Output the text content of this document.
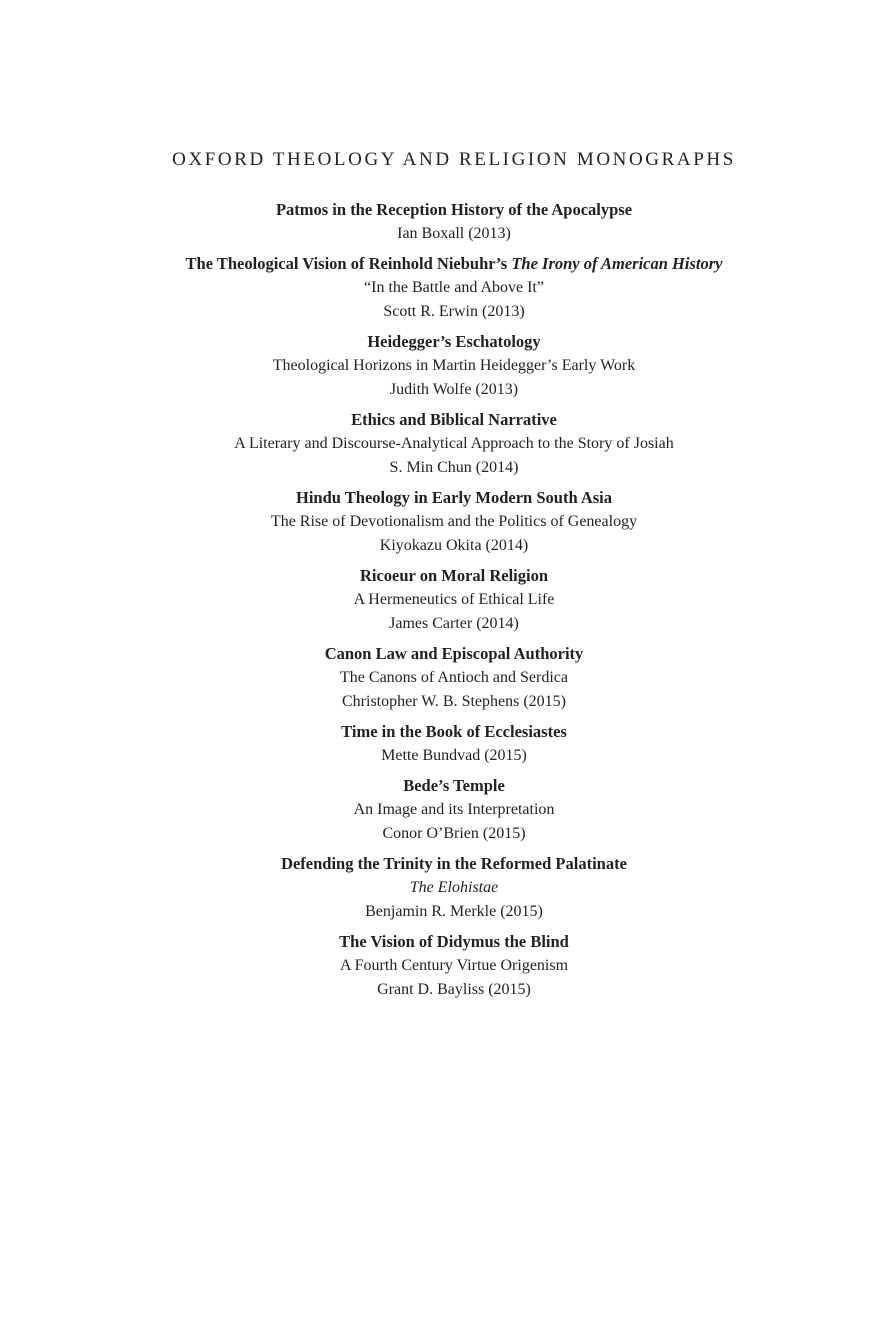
OXFORD THEOLOGY AND RELIGION MONOGRAPHS
Patmos in the Reception History of the Apocalypse
Ian Boxall (2013)
The Theological Vision of Reinhold Niebuhr’s The Irony of American History
“In the Battle and Above It”
Scott R. Erwin (2013)
Heidegger’s Eschatology
Theological Horizons in Martin Heidegger’s Early Work
Judith Wolfe (2013)
Ethics and Biblical Narrative
A Literary and Discourse-Analytical Approach to the Story of Josiah
S. Min Chun (2014)
Hindu Theology in Early Modern South Asia
The Rise of Devotionalism and the Politics of Genealogy
Kiyokazu Okita (2014)
Ricoeur on Moral Religion
A Hermeneutics of Ethical Life
James Carter (2014)
Canon Law and Episcopal Authority
The Canons of Antioch and Serdica
Christopher W. B. Stephens (2015)
Time in the Book of Ecclesiastes
Mette Bundvad (2015)
Bede’s Temple
An Image and its Interpretation
Conor O’Brien (2015)
Defending the Trinity in the Reformed Palatinate
The Elohistae
Benjamin R. Merkle (2015)
The Vision of Didymus the Blind
A Fourth Century Virtue Origenism
Grant D. Bayliss (2015)
